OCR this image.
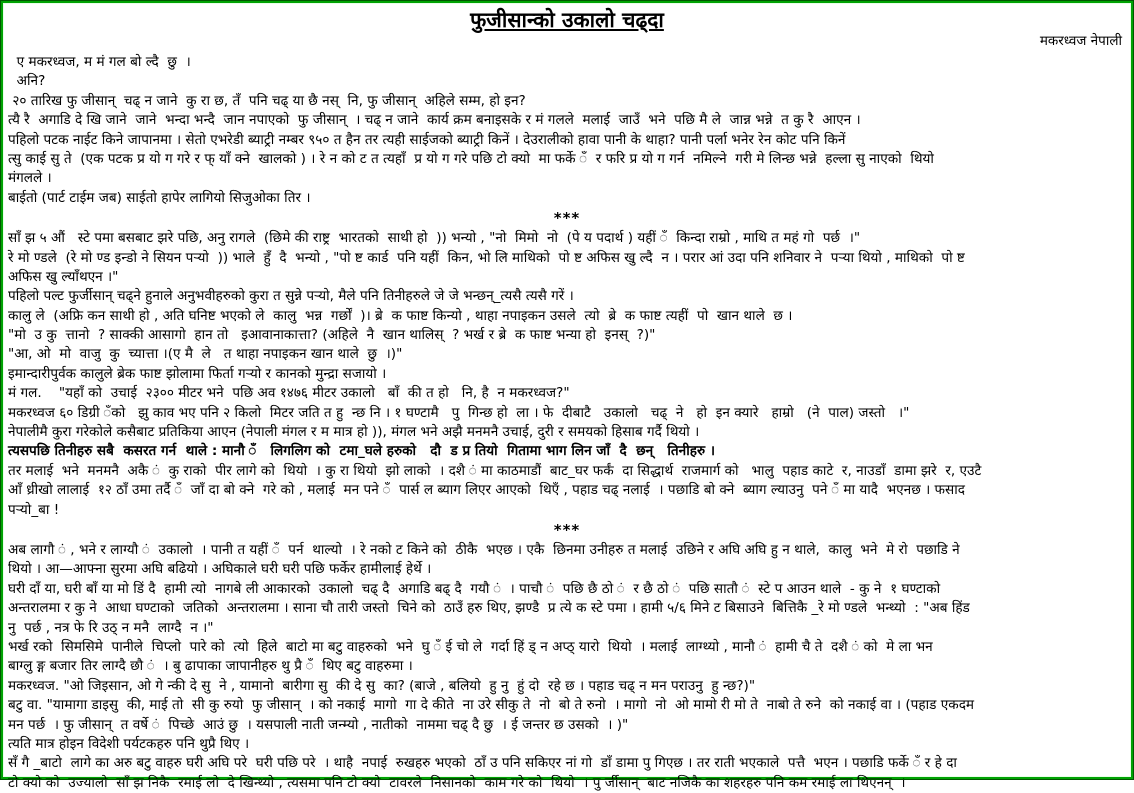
फुजीसान्को उकालो चढ्दा
मकरध्वज नेपाली
ए मकरध्वज, म मं गल बो ल्दै  छु  ।
अनि?
२० तारिख फु जीसान्  चढ् न जाने  कु रा छ, तँ  पनि चढ् या छै नस्  नि, फु जीसान्  अहिले सम्म, हो इन?
त्यै रै  अगाडि दे खि जाने  जाने  भन्दा भन्दै  जान नपाएको  फु जीसान्  । चढ् न जाने  कार्य क्रम बनाइसके र मं गलले  मलाई  जाउँ  भने  पछि मै ले  जान्न भन्ने  त कु रै  आएन ।
पहिलो पटक नाईट किने जापानमा । सेतो एभरेडी ब्याट्री नम्बर ९५० त हैन तर त्यही साईजको ब्याट्री किनें । देउरालीको हावा पानी के थाहा? पानी पर्ला भनेर रेन कोट पनि किनें
त्सु काई सु ते  (एक पटक प्र यो ग गरे र फ् याँ क्ने  खालको ) । रे न को ट त त्यहाँ  प्र यो ग गरे पछि टो क्यो  मा फर्के ँ  र फरि प्र यो ग गर्न  नमिल्ने  गरी मे लिन्छ भन्ने  हल्ला सु नाएको  थियो
मंगलले ।
बाईतो (पार्ट टाईम जब) साईतो हापेर लागियो सिजुओका तिर ।
***
साँ झ ५ औं   स्टे पमा बसबाट झरे पछि, अनु रागले  (छिमे की राष्ट्र  भारतको  साथी हो  )) भन्यो , "नो  मिमो  नो  (पे य पदार्थ ) यहीं ँ  किन्दा राम्रो , माथि त महं गो  पर्छ  ।"
रे मो ण्डले  (रे मो ण्ड इन्डो ने सियन पऱ्यो  )) भाले  हुँ  दै  भन्यो , "पो ष्ट कार्ड  पनि यहीं  किन, भो लि माथिको  पो ष्ट अफिस खु ल्दै  न । परार आं उदा पनि शनिवार ने  पऱ्या थियो , माथिको  पो ष्ट
अफिस खु ल्याँथएन ।"
पहिलो पल्ट फुर्जीसान् चढ्ने हुनाले अनुभवीहरुको कुरा त सुन्ने पऱ्यो, मैले पनि तिनीहरुले जे जे भन्छन्_त्यसै त्यसै गरें ।
कालु ले  (अफ्रि कन साथी हो , अति घनिष्ट भएको ले  कालु  भन्न  गर्छों  )। ब्रे  क फाष्ट किन्यो , थाहा नपाइकन उसले  त्यो  ब्रे  क फाष्ट त्यहीं  पो  खान थाले  छ ।
"मो  उ कु  त्तानो  ? साक्की आसागो  हान तो   इआवानाकात्ता? (अहिले  नै  खान थालिस्  ? भर्ख र ब्रे  क फाष्ट भन्या हो  इनस्  ?)"
"आ, ओ  मो  वाजु  कु  च्यात्ता ।(ए मै  ले   त थाहा नपाइकन खान थाले  छु  ।)"
इमान्दारीपुर्वक कालुले ब्रेक फाष्ट झोलामा फिर्ता गऱ्यो र कानको मुन्द्रा सजायो ।
मं गल.    "यहाँ को  उचाई  २३०० मीटर भने  पछि अव १४७६ मीटर उकालो   बाँ  की त हो   नि, है  न मकरध्वज?"
मकरध्वज ६० डिग्री ँको   झु काव भए पनि २ किलो  मिटर जति त हु  न्छ नि । १ घण्टामै   पु  गिन्छ हो  ला । फे  दीबाटै   उकालो   चढ्  ने   हो  इन क्यारे   हाम्रो   (ने  पाल) जस्तो   ।"
नेपालीमै कुरा गरेकोले कसैबाट प्रतिकिया आएन (नेपाली मंगल र म मात्र हो )), मंगल भने अझै मनमनै उचाई, दुरी र समयको हिसाब गर्दै थियो ।
त्यसपछि तिनीहरु सबै  कसरत गर्न  थाले : मानौ ँ   लिगलिग को  टमा_घले हरुको   दौ  ड प्र तियो  गितामा भाग लिन जाँ  दै  छन्   तिनीहरु ।
तर मलाई  भने  मनमनै  अकै ं  कु राको  पीर लागे को  थियो  । कु रा थियो  झो लाको  । दशै ं मा काठमाडौं  बाट_घर फर्कं  दा सिद्धार्थ  राजमार्ग को   भालु  पहाड काटे  र, नाउडाँ  डामा झरे  र, एउटै
आँ ध्रीखो लालाई  १२ ठाँ उमा तर्दै ँ  जाँ दा बो क्ने  गरे को , मलाई  मन पने ँ  पार्स ल ब्याग लिएर आएको  थिएँ , पहाड चढ् नलाई  । पछाडि बो क्ने  ब्याग ल्याउनु  पने ँ मा यादै  भएनछ । फसाद
पऱ्यो_बा !
***
अब लागौ ं , भने र लाग्यौ ं  उकालो  । पानी त यहीं ँ  पर्न  थाल्यो  । रे नको ट किने को  ठीकै  भएछ । एकै  छिनमा उनीहरु त मलाई  उछिने र अघि अघि हु न थाले,  कालु  भने  मे रो  पछाडि ने
थियो । आ—आफ्ना सुरमा अघि बढियो । अघिकाले घरी घरी पछि फर्केर हामीलाई हेर्थे ।
घरी दाँ या, घरी बाँ या मो डिं दै  हामी त्यो  नागबे ली आकारको  उकालो  चढ् दै  अगाडि बढ् दै  गयौ ं  । पाचौ ं  पछि छै ठो ं  र छै ठो ं  पछि सातौ ं  स्टे प आउन थाले  - कु ने  १ घण्टाको
अन्तरालमा र कु ने  आधा घण्टाको  जतिको  अन्तरालमा । साना चौ तारी जस्तो  चिने को  ठाउँ हरु थिए, झण्डै  प्र त्ये क स्टे पमा । हामी ५/६ मिने ट बिसाउने  बित्तिकै _रे मो ण्डले  भन्थ्यो  : "अब हिंड
नु  पर्छ , नत्र फे रि उठ् न मनै  लाग्दै  न ।"
भर्ख रको  सिमसिमे  पानीले  चिप्लो  पारे को  त्यो  हिले  बाटो मा बटु वाहरुको  भने  घु ँ ई चो ले  गर्दा हिं ड् न अप्ठ् यारो  थियो  । मलाई  लाग्थ्यो , मानौ ं  हामी चै ते  दशै ं को  मे ला भन
बाग्लु ङ्ग बजार तिर लाग्दै छौ ं  । बु ढापाका जापानीहरु थु प्रै ँ  थिए बटु वाहरुमा ।
मकरध्वज. "ओ जिइसान, ओ गे न्की दे सु  ने , यामानो  बारीगा सु  की दे सु  का? (बाजे , बलियो  हु नु  हुं दो  रहे छ । पहाड चढ् न मन पराउनु  हु न्छ?)"
बटु वा. "यामागा डाइसु  की, माई तो  सी कु रुयो  फु जीसान्  । को नकाई  मागो  गा दे कीते  ना उरे सीकु ते  नो  बो ते रुनो  । मागो  नो  ओ मामो री मो ते  नाबो ते रुने  को नकाई वा । (पहाड एकदम
मन पर्छ  । फु जीसान्  त वर्षे ं  पिच्छे  आउं छु  । यसपाली नाती जन्म्यो , नातीको  नाममा चढ् दै छु  । ई जन्तर छ उसको  । )"
त्यति मात्र होइन विदेशी पर्यटकहरु पनि थुप्रै थिए ।
सँ गै _बाटो  लागे का अरु बटु वाहरु घरी अघि परे  घरी पछि परे  । थाहै  नपाई  रुखहरु भएको  ठाँ उ पनि सकिएर नां गो  डाँ डामा पु गिएछ । तर राती भएकाले  पत्तै  भएन । पछाडि फर्के ँ र हे दा
टो क्यो को  उज्यालो  साँ झ निकै  रमाई लो  दे खिन्थ्यो , त्यसमा पनि टो क्यो  टावरले  निसानको  काम गरे को  थियो  । पु र्जीसान्  बाट नजिकै का शहरहरु पनि कम रमाई ला थिएनन्  ।
